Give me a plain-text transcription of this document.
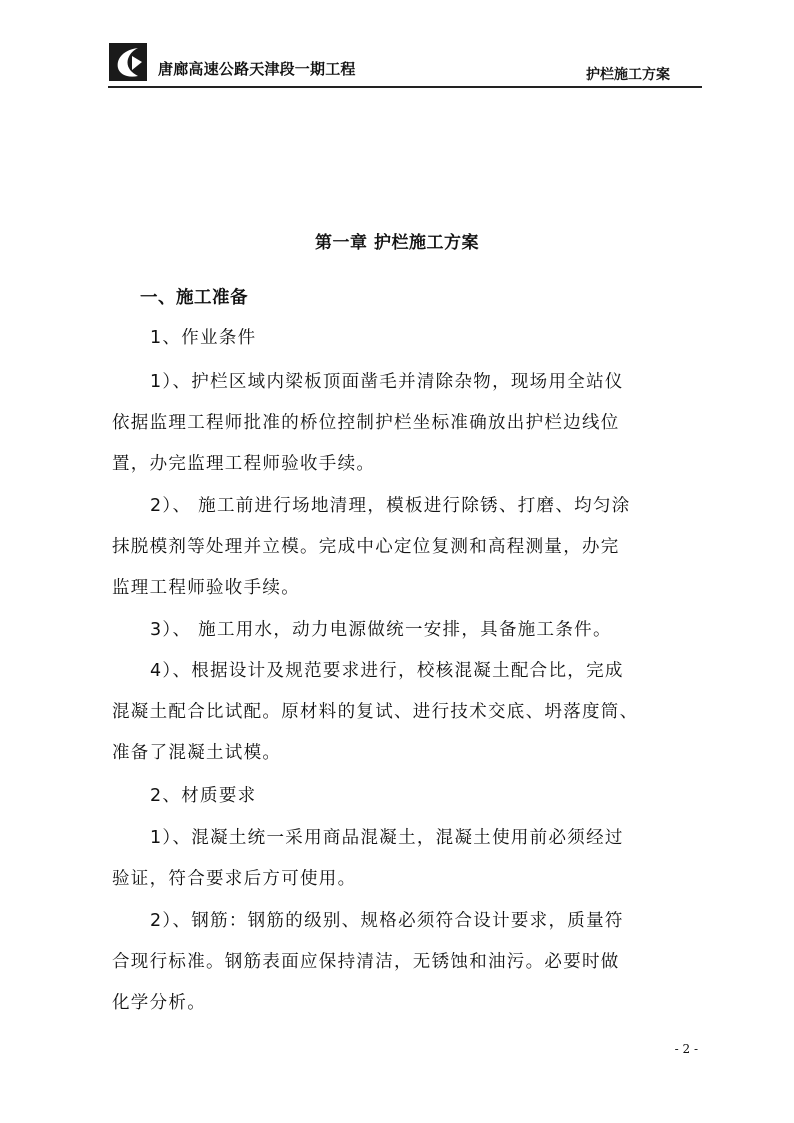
唐廊高速公路天津段一期工程	护栏施工方案
第一章 护栏施工方案
一、施工准备
1、作业条件
1）、护栏区域内梁板顶面凿毛并清除杂物，现场用全站仪
依据监理工程师批准的桥位控制护栏坐标准确放出护栏边线位
置，办完监理工程师验收手续。
2）、 施工前进行场地清理，模板进行除锈、打磨、均匀涂
抹脱模剂等处理并立模。完成中心定位复测和高程测量，办完
监理工程师验收手续。
3）、 施工用水，动力电源做统一安排，具备施工条件。
4）、根据设计及规范要求进行，校核混凝土配合比，完成
混凝土配合比试配。原材料的复试、进行技术交底、坍落度筒、
准备了混凝土试模。
2、材质要求
1）、混凝土统一采用商品混凝土，混凝土使用前必须经过
验证，符合要求后方可使用。
2）、钢筋：钢筋的级别、规格必须符合设计要求，质量符
合现行标准。钢筋表面应保持清洁，无锈蚀和油污。必要时做
化学分析。
- 2 -
